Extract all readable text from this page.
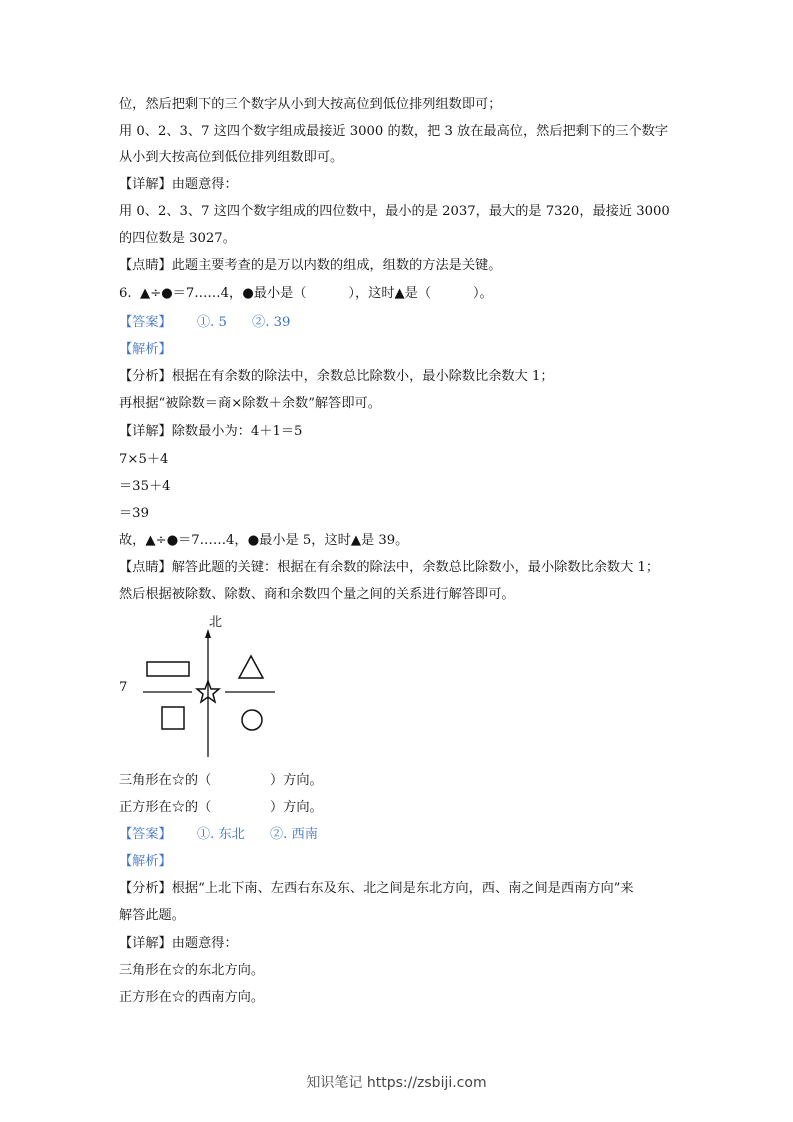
位，然后把剩下的三个数字从小到大按高位到低位排列组数即可；
用 0、2、3、7 这四个数字组成最接近 3000 的数，把 3 放在最高位，然后把剩下的三个数字
从小到大按高位到低位排列组数即可。
【详解】由题意得：
用 0、2、3、7 这四个数字组成的四位数中，最小的是 2037，最大的是 7320，最接近 3000
的四位数是 3027。
【点睛】此题主要考查的是万以内数的组成，组数的方法是关键。
6.  ▲÷●＝7……4，●最小是（          ），这时▲是（          ）。
【答案】      ①. 5      ②. 39
【解析】
【分析】根据在有余数的除法中，余数总比除数小，最小除数比余数大 1；
再根据“被除数＝商×除数＋余数”解答即可。
【详解】除数最小为：4＋1＝5
7×5＋4
＝35＋4
＝39
故，▲÷●＝7……4，●最小是 5，这时▲是 39。
【点睛】解答此题的关键：根据在有余数的除法中，余数总比除数小，最小除数比余数大 1；
然后根据被除数、除数、商和余数四个量之间的关系进行解答即可。
北
7
三角形在☆的（              ）方向。
正方形在☆的（              ）方向。
【答案】      ①. 东北      ②. 西南
【解析】
【分析】根据“上北下南、左西右东及东、北之间是东北方向，西、南之间是西南方向”来
解答此题。
【详解】由题意得：
三角形在☆的东北方向。
正方形在☆的西南方向。
知识笔记 https://zsbiji.com
